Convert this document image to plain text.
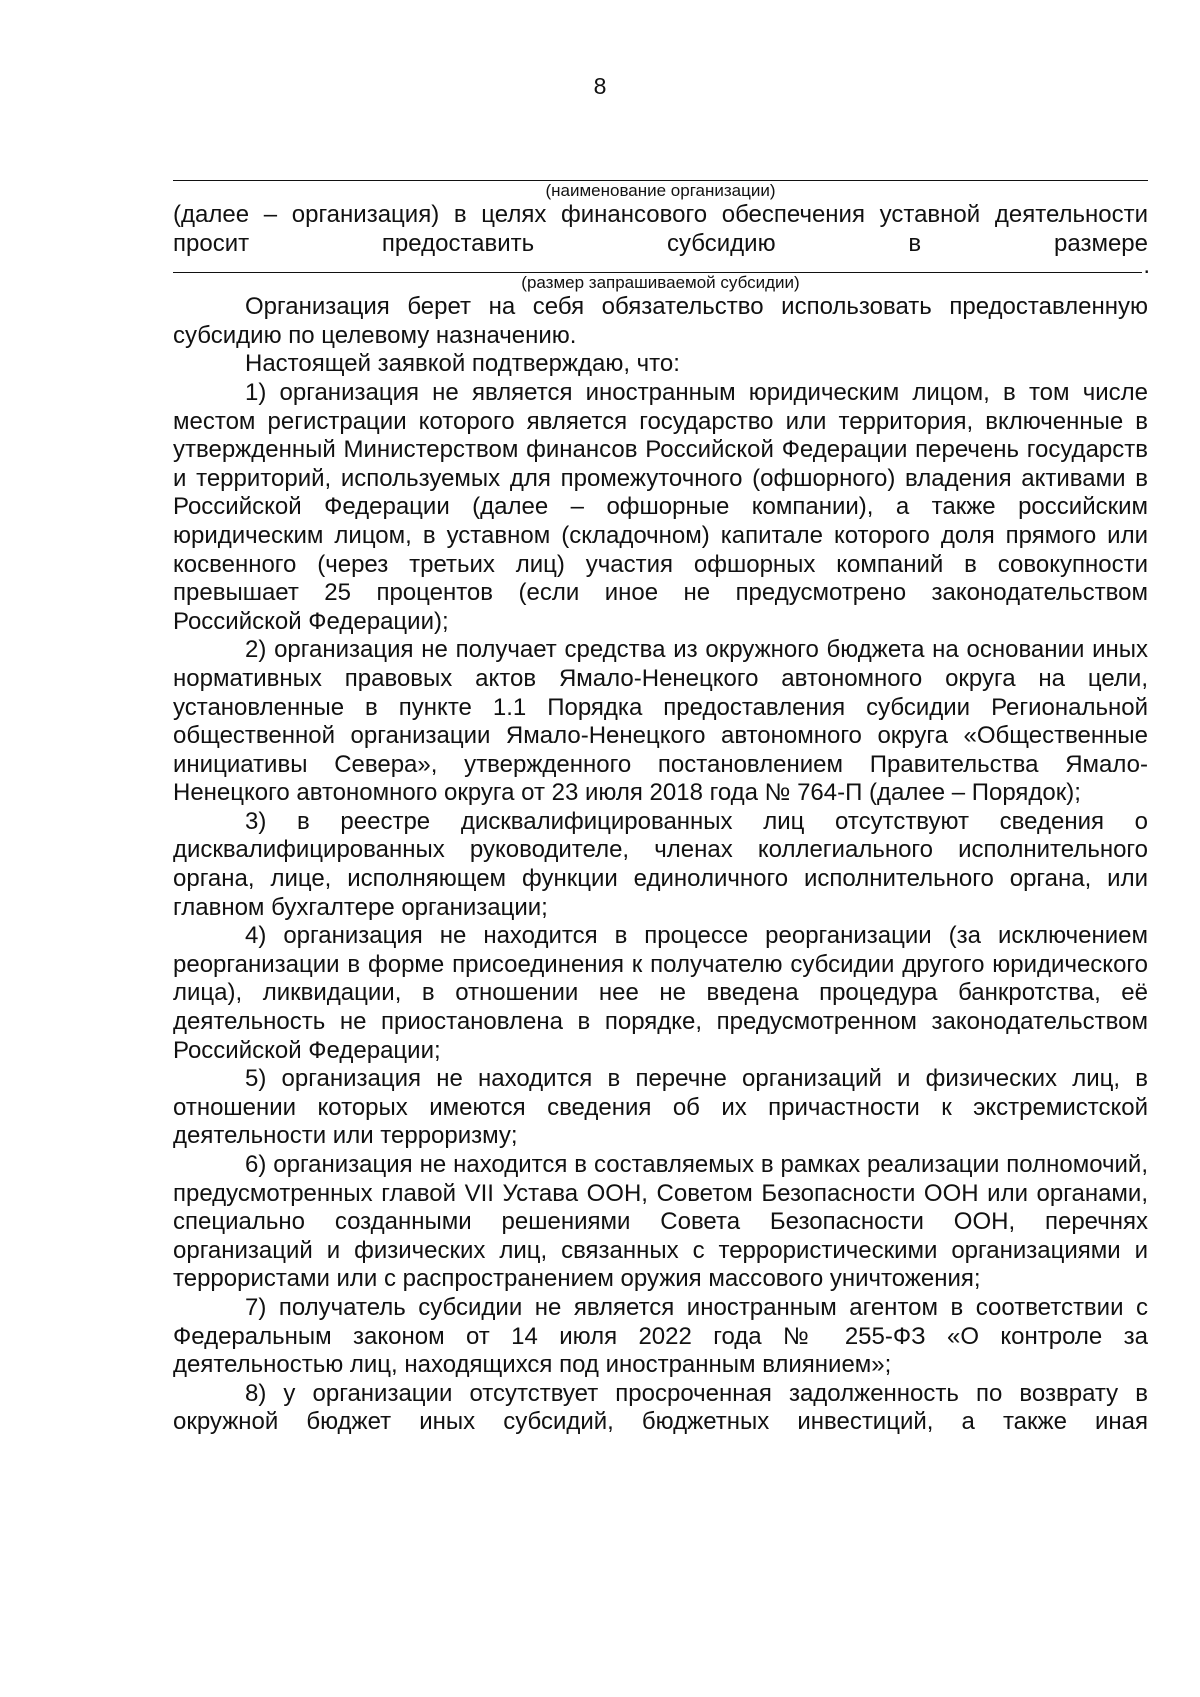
8

(наименование организации)

(далее – организация) в целях финансового обеспечения уставной деятельности просит предоставить субсидию в размере

.

(размер запрашиваемой субсидии)

Организация берет на себя обязательство использовать предоставленную субсидию по целевому назначению.

Настоящей заявкой подтверждаю, что:

1) организация не является иностранным юридическим лицом, в том числе местом регистрации которого является государство или территория, включенные в утвержденный Министерством финансов Российской Федерации перечень государств и территорий, используемых для промежуточного (офшорного) владения активами в Российской Федерации (далее – офшорные компании), а также российским юридическим лицом, в уставном (складочном) капитале которого доля прямого или косвенного (через третьих лиц) участия офшорных компаний в совокупности превышает 25 процентов (если иное не предусмотрено законодательством Российской Федерации);

2) организация не получает средства из окружного бюджета на основании иных нормативных правовых актов Ямало-Ненецкого автономного округа на цели, установленные в пункте 1.1 Порядка предоставления субсидии Региональной общественной организации Ямало-Ненецкого автономного округа «Общественные инициативы Севера», утвержденного постановлением Правительства Ямало-Ненецкого автономного округа от 23 июля 2018 года № 764-П (далее – Порядок);

3) в реестре дисквалифицированных лиц отсутствуют сведения о дисквалифицированных руководителе, членах коллегиального исполнительного органа, лице, исполняющем функции единоличного исполнительного органа, или главном бухгалтере организации;

4) организация не находится в процессе реорганизации (за исключением реорганизации в форме присоединения к получателю субсидии другого юридического лица), ликвидации, в отношении нее не введена процедура банкротства, её деятельность не приостановлена в порядке, предусмотренном законодательством Российской Федерации;

5) организация не находится в перечне организаций и физических лиц, в отношении которых имеются сведения об их причастности к экстремистской деятельности или терроризму;

6) организация не находится в составляемых в рамках реализации полномочий, предусмотренных главой VII Устава ООН, Советом Безопасности ООН или органами, специально созданными решениями Совета Безопасности ООН, перечнях организаций и физических лиц, связанных с террористическими организациями и террористами или с распространением оружия массового уничтожения;

7) получатель субсидии не является иностранным агентом в соответствии с Федеральным законом от 14 июля 2022 года № 255-ФЗ «О контроле за деятельностью лиц, находящихся под иностранным влиянием»;

8) у организации отсутствует просроченная задолженность по возврату в окружной бюджет иных субсидий, бюджетных инвестиций, а также иная
